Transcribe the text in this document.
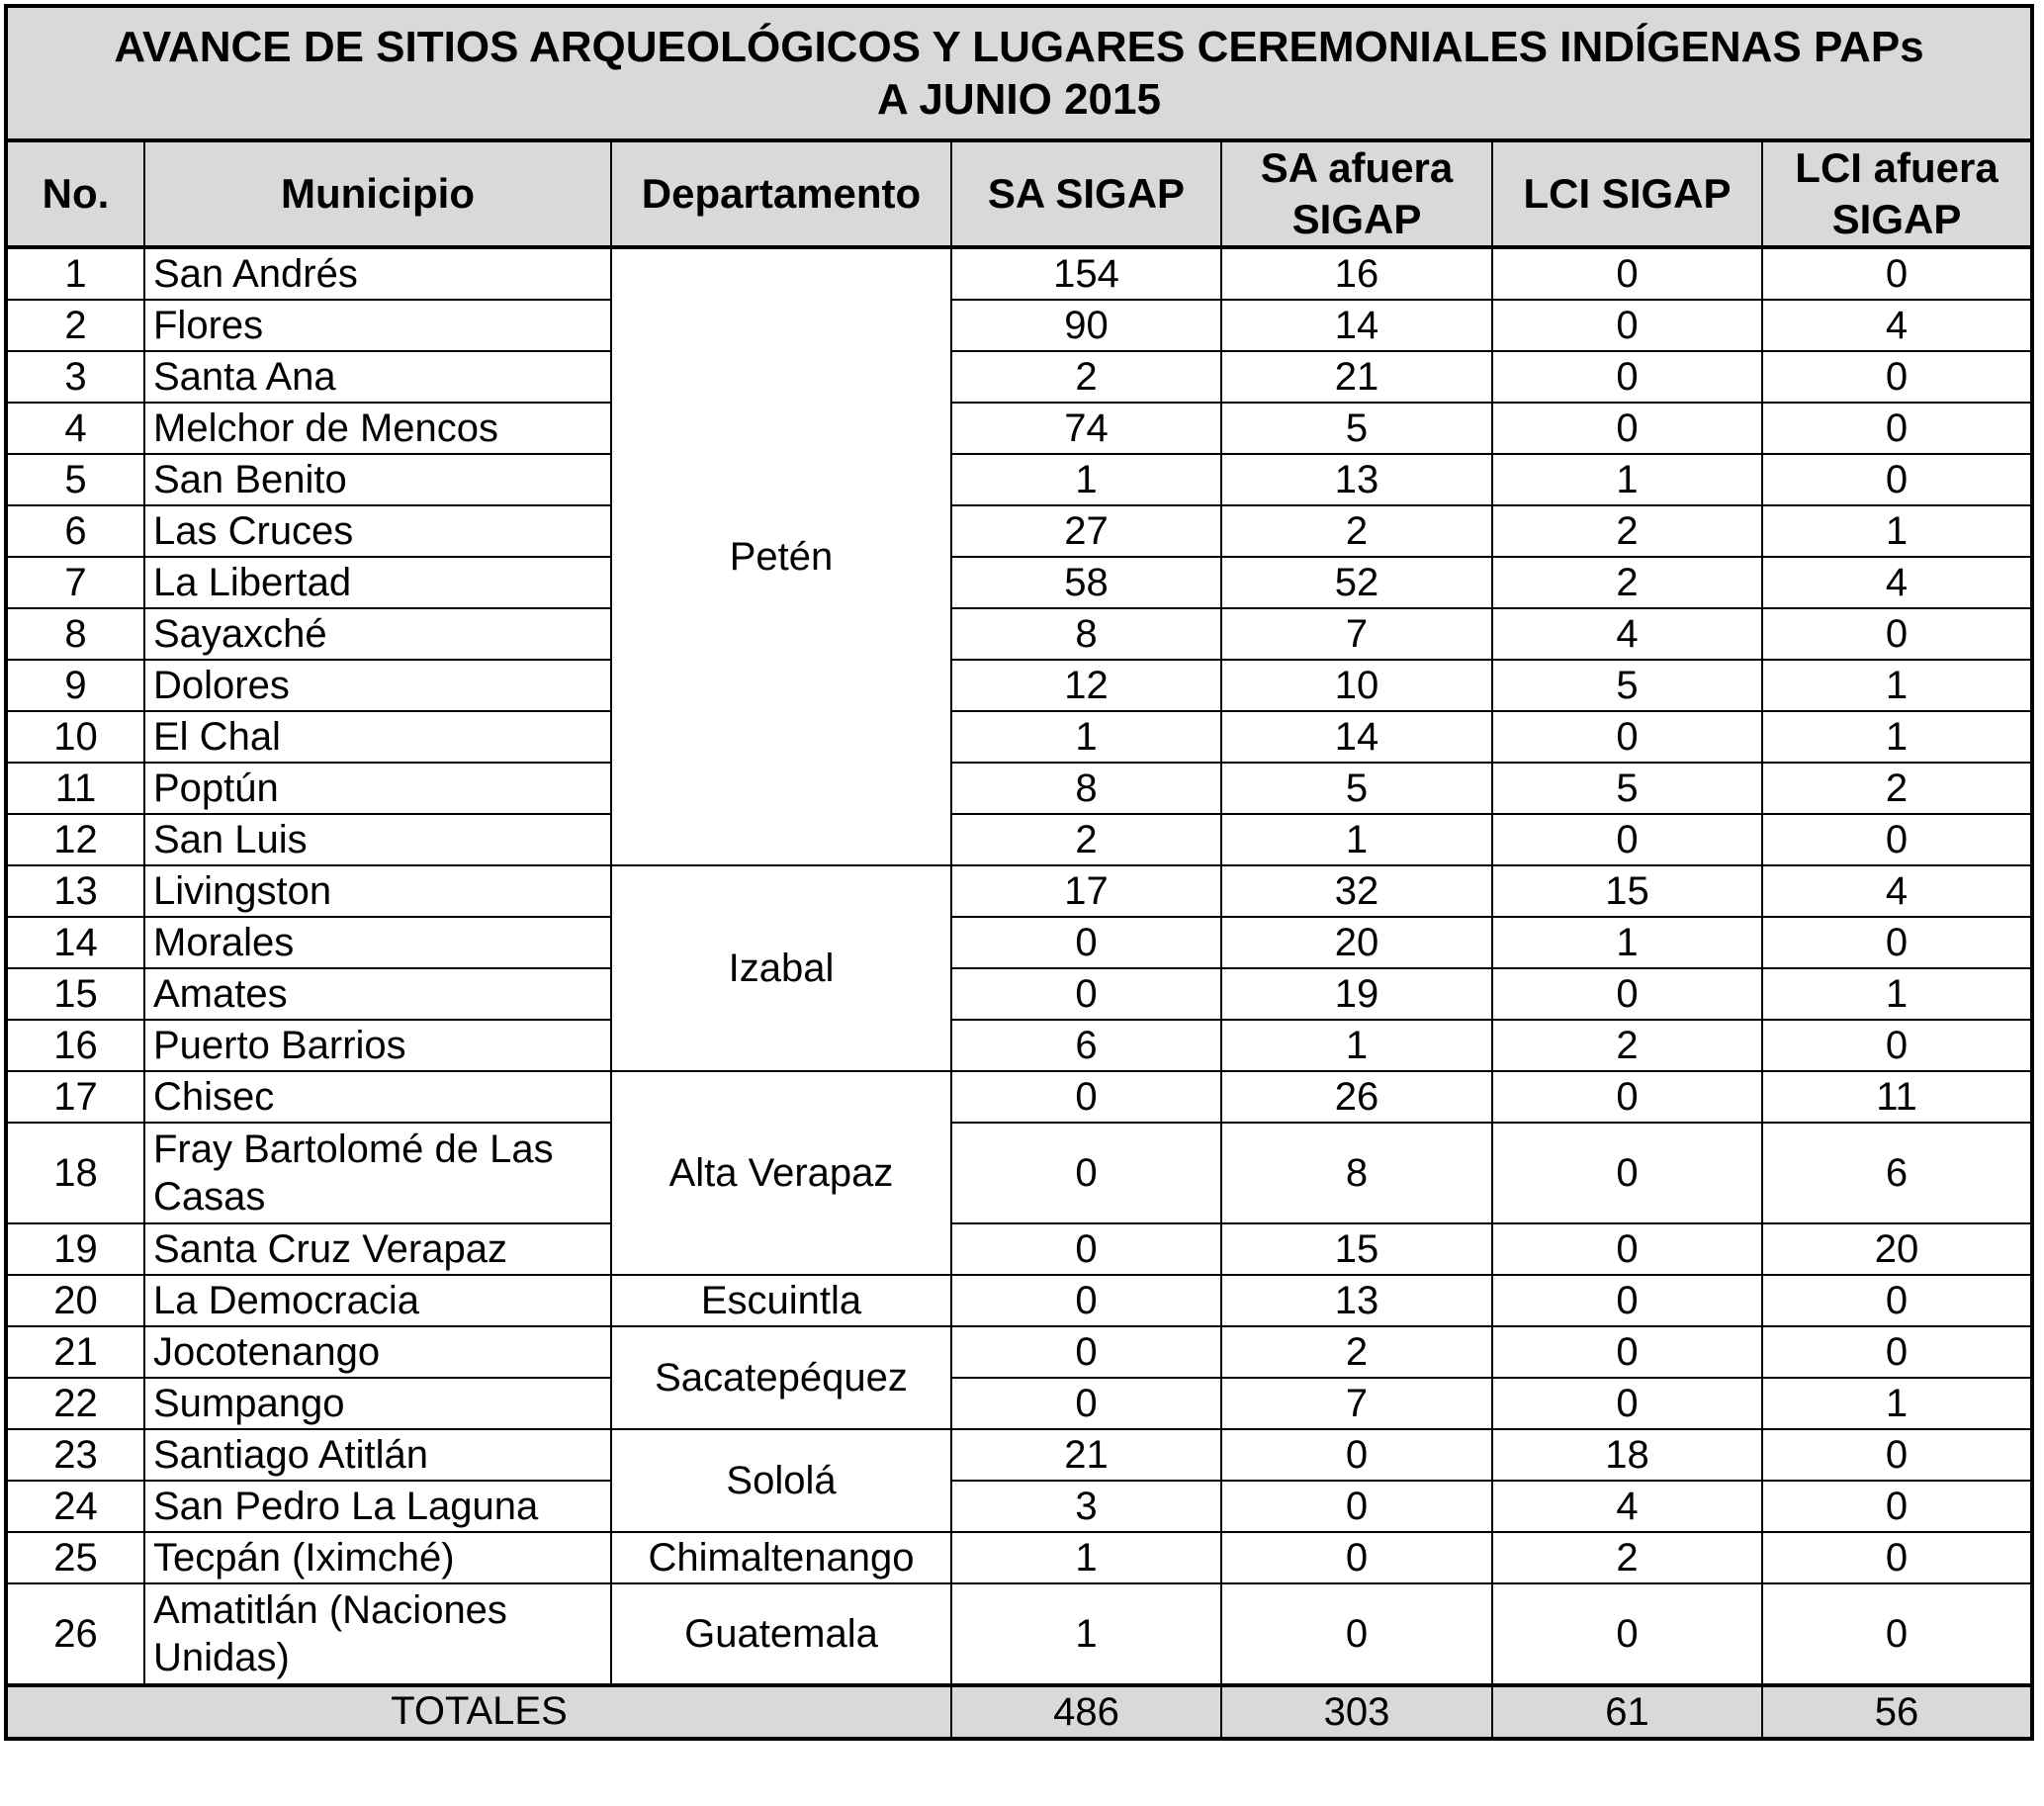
AVANCE DE SITIOS ARQUEOLÓGICOS Y LUGARES CEREMONIALES INDÍGENAS PAPs
A JUNIO 2015						
No.	Municipio	Departamento	SA SIGAP	SA afuera SIGAP	LCI SIGAP	LCI afuera SIGAP
1	San Andrés	Petén	154	16	0	0
2	Flores		90	14	0	4
3	Santa Ana		2	21	0	0
4	Melchor de Mencos		74	5	0	0
5	San Benito		1	13	1	0
6	Las Cruces		27	2	2	1
7	La Libertad		58	52	2	4
8	Sayaxché		8	7	4	0
9	Dolores		12	10	5	1
10	El Chal		1	14	0	1
11	Poptún		8	5	5	2
12	San Luis		2	1	0	0
13	Livingston	Izabal	17	32	15	4
14	Morales		0	20	1	0
15	Amates		0	19	0	1
16	Puerto Barrios		6	1	2	0
17	Chisec	Alta Verapaz	0	26	0	11
18	Fray Bartolomé de Las Casas		0	8	0	6
19	Santa Cruz Verapaz		0	15	0	20
20	La Democracia	Escuintla	0	13	0	0
21	Jocotenango	Sacatepéquez	0	2	0	0
22	Sumpango		0	7	0	1
23	Santiago Atitlán	Sololá	21	0	18	0
24	San Pedro La Laguna		3	0	4	0
25	Tecpán (Iximché)	Chimaltenango	1	0	2	0
26	Amatitlán (Naciones Unidas)	Guatemala	1	0	0	0
TOTALES			486	303	61	56
